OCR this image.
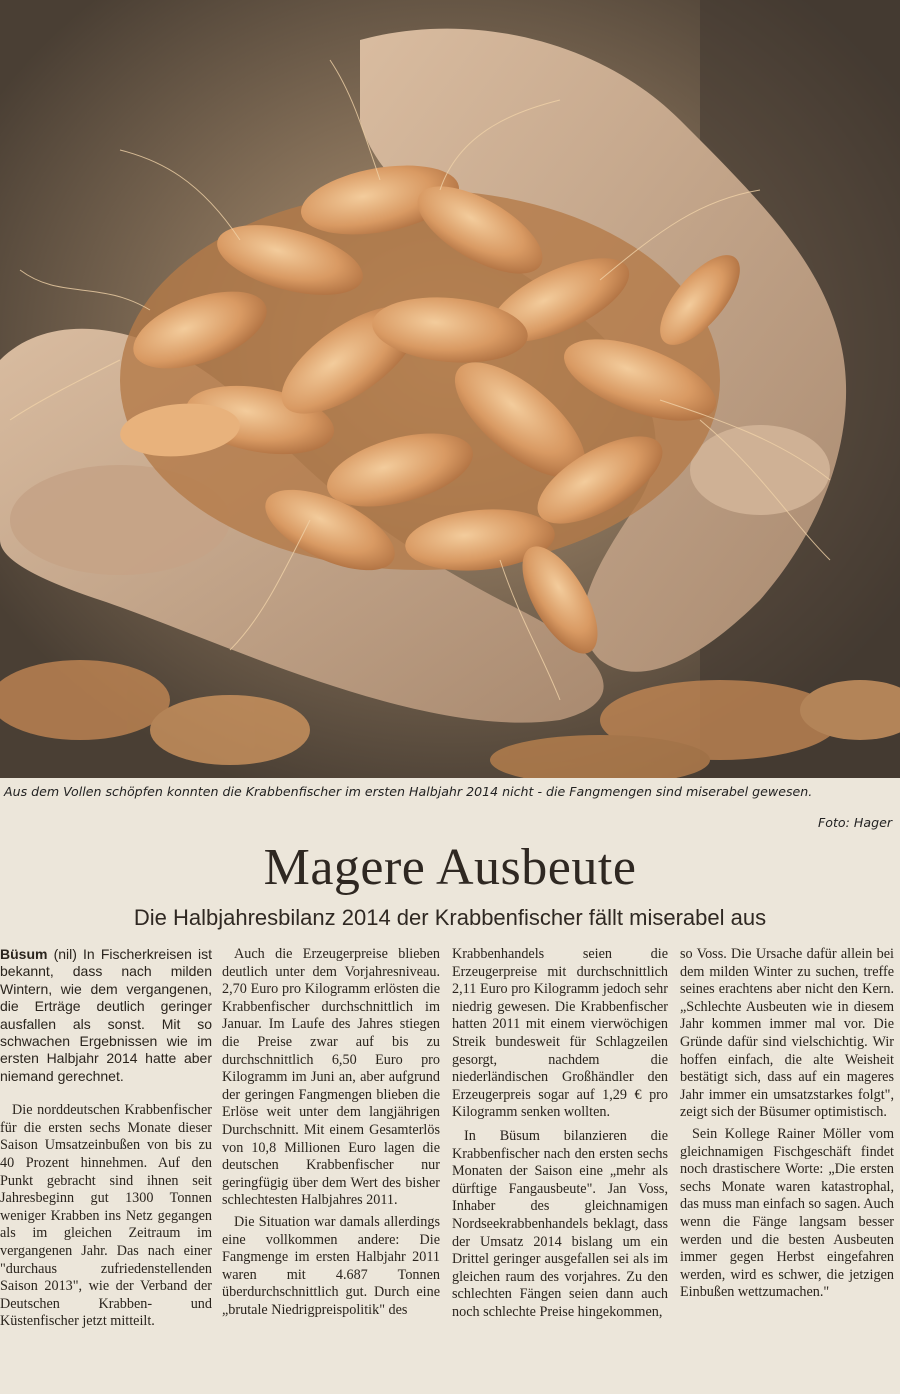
Aus dem Vollen schöpfen konnten die Krabbenfischer im ersten Halbjahr 2014 nicht - die Fangmengen sind miserabel gewesen.
Foto: Hager
Magere Ausbeute
Die Halbjahresbilanz 2014 der Krabbenfischer fällt miserabel aus

Büsum (nil) In Fischerkreisen ist bekannt, dass nach milden Wintern, wie dem vergangenen, die Erträge deutlich geringer ausfallen als sonst. Mit so schwachen Ergebnissen wie im ersten Halbjahr 2014 hatte aber niemand gerechnet.

Die norddeutschen Krabbenfischer für die ersten sechs Monate dieser Saison Umsatzeinbußen von bis zu 40 Prozent hinnehmen. Auf den Punkt gebracht sind ihnen seit Jahresbeginn gut 1300 Tonnen weniger Krabben ins Netz gegangen als im gleichen Zeitraum im vergangenen Jahr. Das nach einer "durchaus zufriedenstellenden Saison 2013", wie der Verband der Deutschen Krabben- und Küstenfischer jetzt mitteilt.

Auch die Erzeugerpreise blieben deutlich unter dem Vorjahresniveau. 2,70 Euro pro Kilogramm erlösten die Krabbenfischer durchschnittlich im Januar. Im Laufe des Jahres stiegen die Preise zwar auf bis zu durchschnittlich 6,50 Euro pro Kilogramm im Juni an, aber aufgrund der geringen Fangmengen blieben die Erlöse weit unter dem langjährigen Durchschnitt. Mit einem Gesamterlös von 10,8 Millionen Euro lagen die deutschen Krabbenfischer nur geringfügig über dem Wert des bisher schlechtesten Halbjahres 2011.

Die Situation war damals allerdings eine vollkommen andere: Die Fangmenge im ersten Halbjahr 2011 waren mit 4.687 Tonnen überdurchschnittlich gut. Durch eine „brutale Niedrigpreispolitik" des

Krabbenhandels seien die Erzeugerpreise mit durchschnittlich 2,11 Euro pro Kilogramm jedoch sehr niedrig gewesen. Die Krabbenfischer hatten 2011 mit einem vierwöchigen Streik bundesweit für Schlagzeilen gesorgt, nachdem die niederländischen Großhändler den Erzeugerpreis sogar auf 1,29 € pro Kilogramm senken wollten.

In Büsum bilanzieren die Krabbenfischer nach den ersten sechs Monaten der Saison eine „mehr als dürftige Fangausbeute". Jan Voss, Inhaber des gleichnamigen Nordseekrabbenhandels beklagt, dass der Umsatz 2014 bislang um ein Drittel geringer ausgefallen sei als im gleichen raum des vorjahres. Zu den schlechten Fängen seien dann auch noch schlechte Preise hingekommen,

so Voss. Die Ursache dafür allein bei dem milden Winter zu suchen, treffe seines erachtens aber nicht den Kern. „Schlechte Ausbeuten wie in diesem Jahr kommen immer mal vor. Die Gründe dafür sind vielschichtig. Wir hoffen einfach, die alte Weisheit bestätigt sich, dass auf ein mageres Jahr immer ein umsatzstarkes folgt", zeigt sich der Büsumer optimistisch.

Sein Kollege Rainer Möller vom gleichnamigen Fischgeschäft findet noch drastischere Worte: „Die ersten sechs Monate waren katastrophal, das muss man einfach so sagen. Auch wenn die Fänge langsam besser werden und die besten Ausbeuten immer gegen Herbst eingefahren werden, wird es schwer, die jetzigen Einbußen wettzumachen."
